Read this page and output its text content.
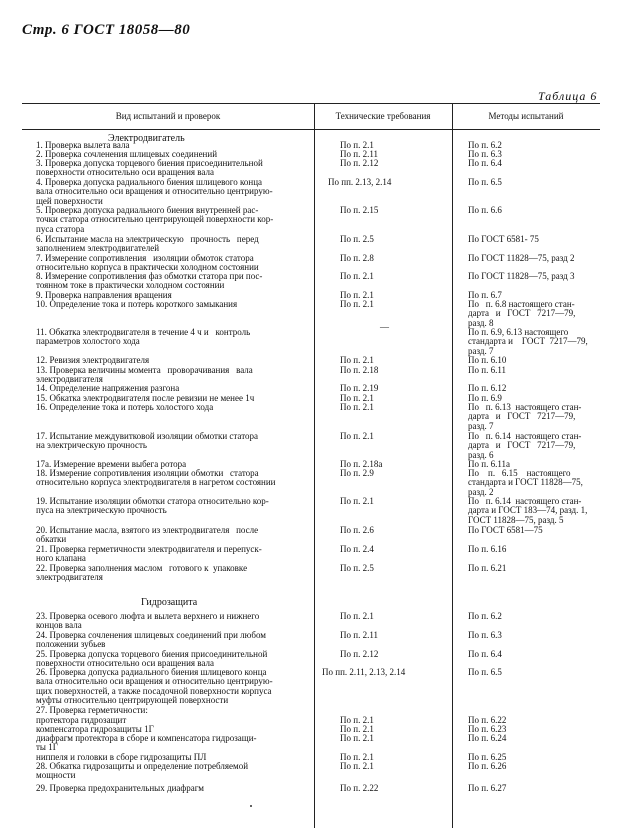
Стр. 6 ГОСТ 18058—80
Таблица 6
Вид испытаний и проверок	Технические требования	Методы испытаний
Электродвигатель
Гидрозащита
1. Проверка вылета вала	По п. 2.1	По п. 6.2
2. Проверка сочленения шлицевых соединений	По п. 2.11	По п. 6.3
3. Проверка допуска торцевого биения присоединительной
поверхности относительно оси вращения вала
По п. 2.12	По п. 6.4
4. Проверка допуска радиального биения шлицевого конца
вала относительно оси вращения и относительно центрирую-
щей поверхности
По пп. 2.13, 2.14	По п. 6.5
5. Проверка допуска радиального биения внутренней рас-
точки статора относительно центрирующей поверхности кор-
пуса статора
По п. 2.15	По п. 6.6
6. Испытание масла на электрическую   прочность   перед
заполнением электродвигателей
По п. 2.5	По ГОСТ 6581- 75
7. Измерение сопротивления   изоляции обмоток статора
относительно корпуса в практически холодном состоянии
По п. 2.8	По ГОСТ 11828—75, разд 2
8. Измерение сопротивления фаз обмотки статора при пос-
тоянном токе в практически холодном состоянии
По п. 2.1	По ГОСТ 11828—75, разд 3
9. Проверка направления вращения	По п. 2.1	По п. 6.7
10. Определение тока и потерь короткого замыкания	По п. 2.1	По   п. 6.8 настоящего стан-
дарта   и   ГОСТ   7217—79,
разд. 8
11. Обкатка электродвигателя в течение 4 ч и   контроль
параметров холостого хода
—	По п. 6.9, 6.13 настоящего
стандарта и    ГОСТ  7217—79,
разд. 7
12. Ревизия электродвигателя	По п. 2.1	По п. 6.10
13. Проверка величины момента   проворачивания   вала
электродвигателя
По п. 2.18	По п. 6.11
14. Определение напряжения разгона	По п. 2.19	По п. 6.12
15. Обкатка электродвигателя после ревизии не менее 1ч	По п. 2.1	По п. 6.9
16. Определение тока и потерь холостого хода	По п. 2.1	По   п. 6.13  настоящего стан-
дарта   и   ГОСТ   7217—79,
разд. 7
17. Испытание междувитковой изоляции обмотки статора
на электрическую прочность
По п. 2.1	По   п. 6.14  настоящего стан-
дарта   и   ГОСТ   7217—79,
разд. 6
17а. Измерение времени выбега ротора	По п. 2.18а	По п. 6.11а
18. Измерение сопротивления изоляции обмотки   статора
относительно корпуса электродвигателя в нагретом состоянии
По п. 2.9	По    п.   6.15    настоящего
стандарта и ГОСТ 11828—75,
разд. 2
19. Испытание изоляции обмотки статора относительно кор-
пуса на электрическую прочность
По п. 2.1	По   п. 6.14  настоящего стан-
дарта и ГОСТ 183—74, разд. 1,
ГОСТ 11828—75, разд. 5
20. Испытание масла, взятого из электродвигателя   после
обкатки
По п. 2.6	По ГОСТ 6581—75
21. Проверка герметичности электродвигателя и перепуск-
ного клапана
По п. 2.4	По п. 6.16
22. Проверка заполнения маслом   готового к  упаковке
электродвигателя
По п. 2.5	По п. 6.21
23. Проверка осевого люфта и вылета верхнего и нижнего
концов вала
По п. 2.1	По п. 6.2
24. Проверка сочленения шлицевых соединений при любом
положении зубьев
По п. 2.11	По п. 6.3
25. Проверка допуска торцевого биения присоединительной
поверхности относительно оси вращения вала
По п. 2.12	По п. 6.4
26. Проверка допуска радиального биения шлицевого конца
вала относительно оси вращения и относительно центрирую-
щих поверхностей, а также посадочной поверхности корпуса
муфты относительно центрирующей поверхности
По пп. 2.11, 2.13, 2.14	По п. 6.5
27. Проверка герметичности:
протектора гидрозащит	По п. 2.1	По п. 6.22
компенсатора гидрозащиты 1Г	По п. 2.1	По п. 6.23
диафрагм протектора в сборе и компенсатора гидрозащи-
ты 1Г
По п. 2.1	По п. 6.24
ниппеля и головки в сборе гидрозащиты ПЛ	По п. 2.1	По п. 6.25
28. Обкатка гидрозащиты и определение потребляемой
мощности
По п. 2.1	По п. 6.26
29. Проверка предохранительных диафрагм	По п. 2.22	По п. 6.27
